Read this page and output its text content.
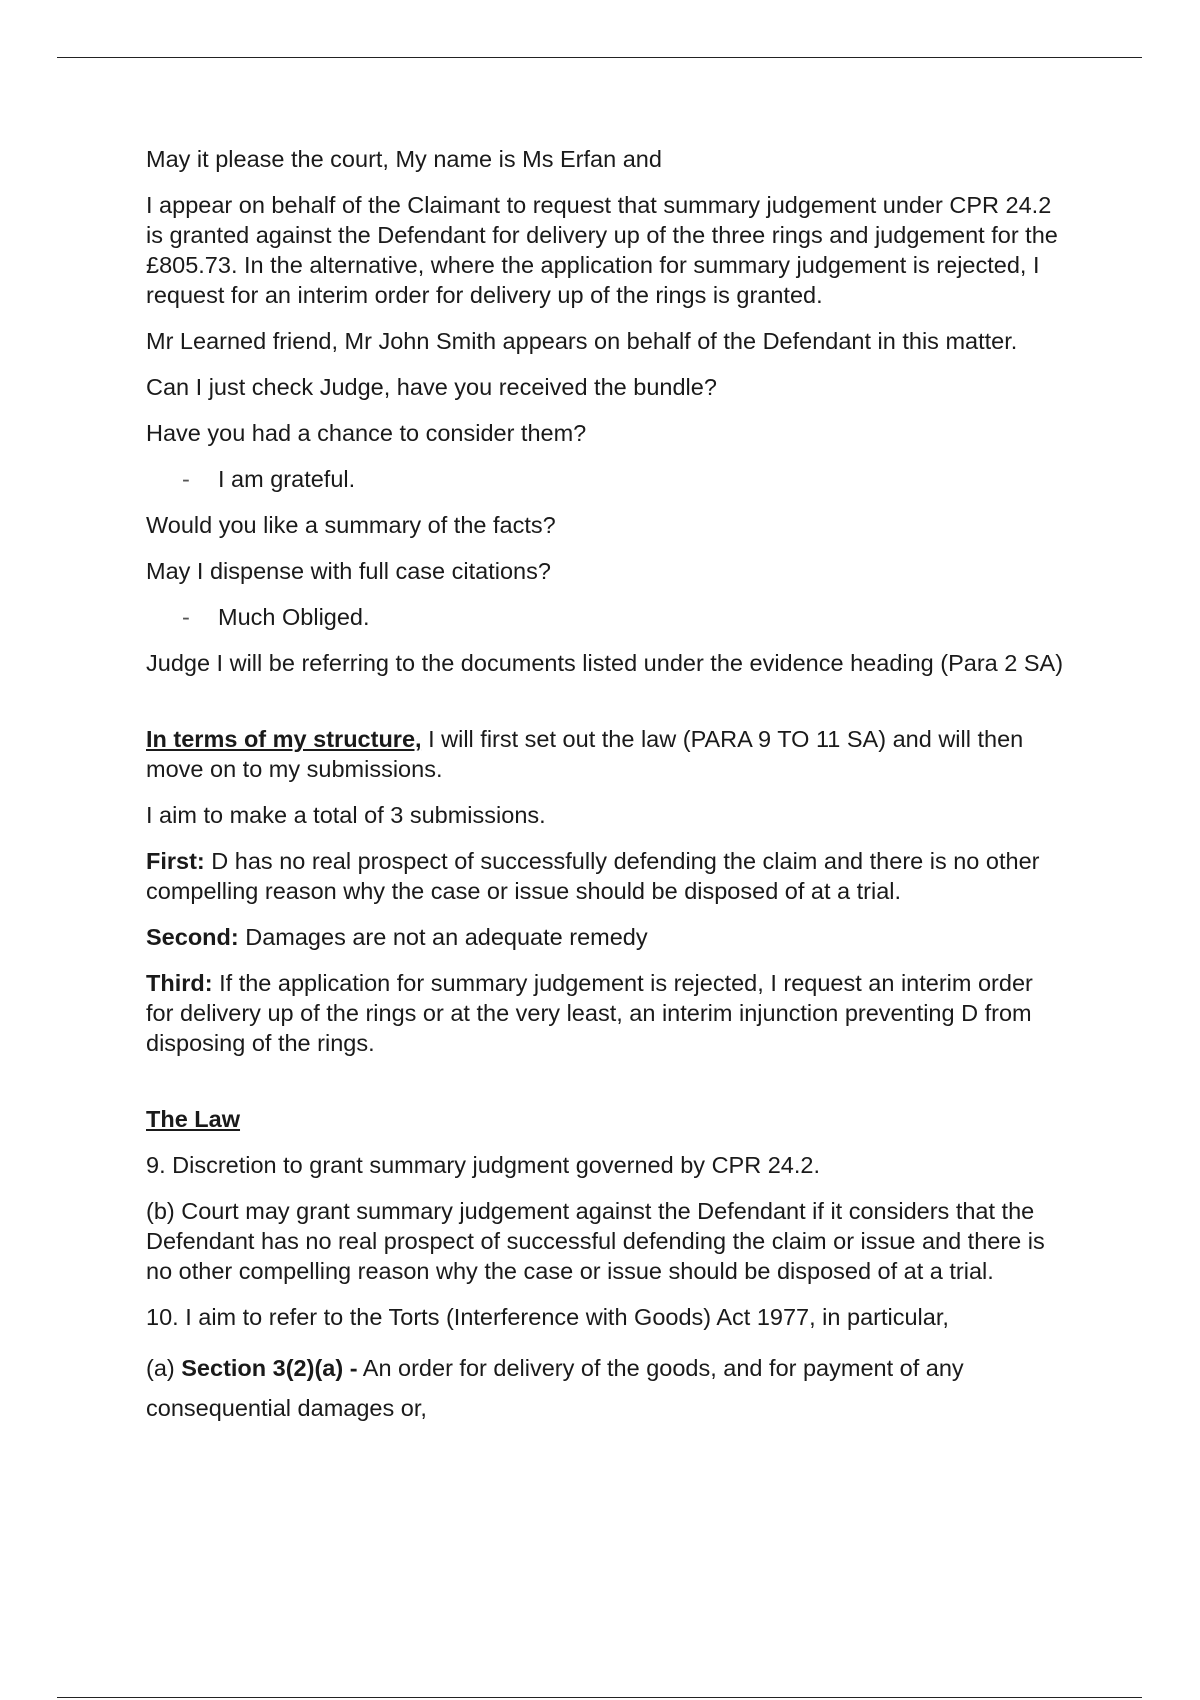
May it please the court, My name is Ms Erfan and

I appear on behalf of the Claimant to request that summary judgement under CPR 24.2 is granted against the Defendant for delivery up of the three rings and judgement for the £805.73. In the alternative, where the application for summary judgement is rejected, I request for an interim order for delivery up of the rings is granted.

Mr Learned friend, Mr John Smith appears on behalf of the Defendant in this matter.

Can I just check Judge, have you received the bundle?

Have you had a chance to consider them?

-	I am grateful.

Would you like a summary of the facts?

May I dispense with full case citations?

-	Much Obliged.

Judge I will be referring to the documents listed under the evidence heading (Para 2 SA)

In terms of my structure, I will first set out the law (PARA 9 TO 11 SA) and will then move on to my submissions.

I aim to make a total of 3 submissions.

First: D has no real prospect of successfully defending the claim and there is no other compelling reason why the case or issue should be disposed of at a trial.

Second: Damages are not an adequate remedy

Third: If the application for summary judgement is rejected, I request an interim order for delivery up of the rings or at the very least, an interim injunction preventing D from disposing of the rings.

The Law

9. Discretion to grant summary judgment governed by CPR 24.2.

(b) Court may grant summary judgement against the Defendant if it considers that the Defendant has no real prospect of successful defending the claim or issue and there is no other compelling reason why the case or issue should be disposed of at a trial.

10. I aim to refer to the Torts (Interference with Goods) Act 1977, in particular,

(a) Section 3(2)(a) - An order for delivery of the goods, and for payment of any consequential damages or,
